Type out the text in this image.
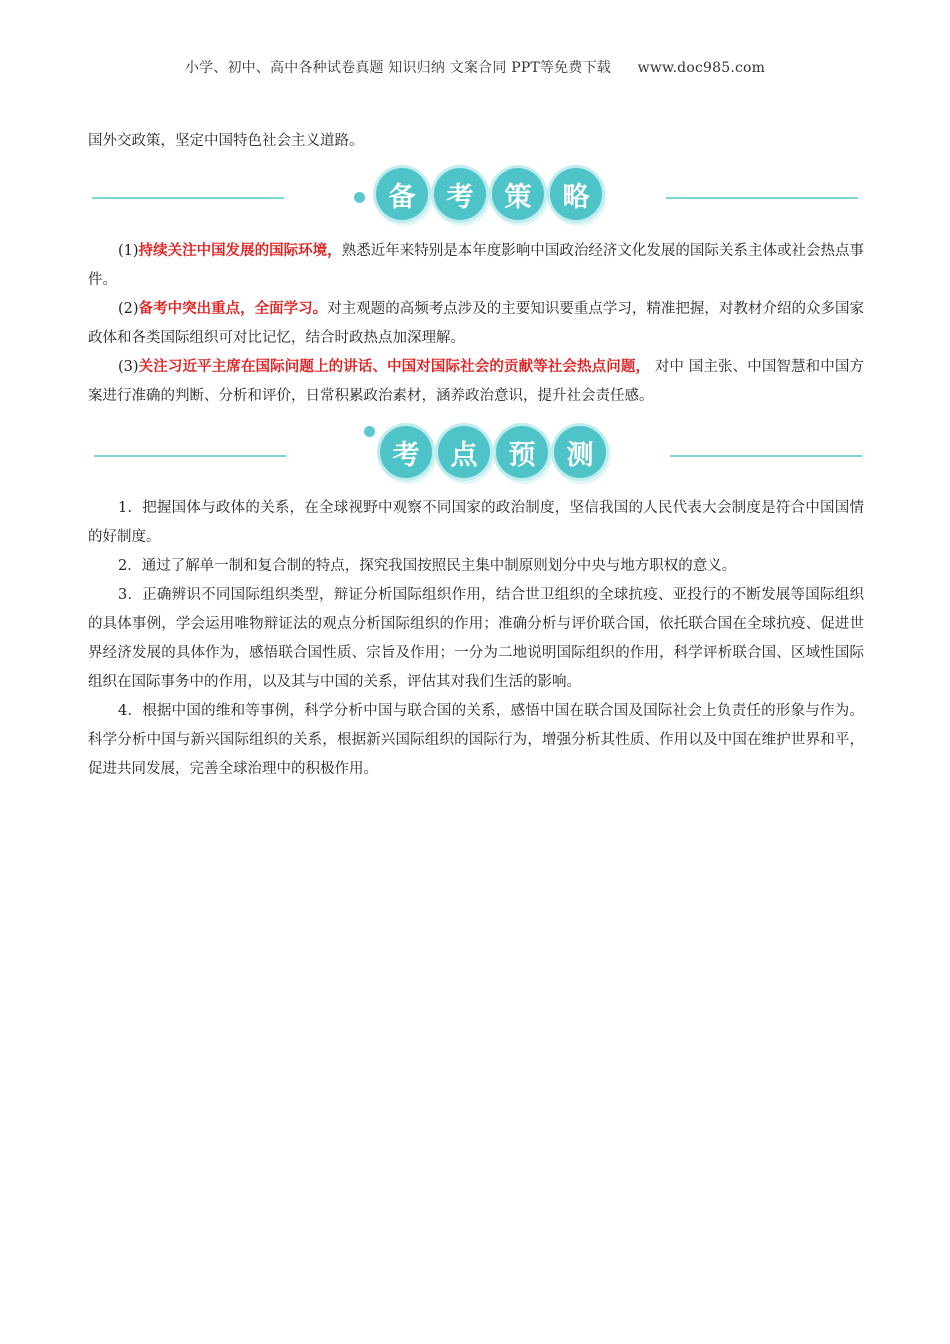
小学、初中、高中各种试卷真题 知识归纳 文案合同 PPT等免费下载 www.doc985.com

国外交政策，坚定中国特色社会主义道路。

备	考	策	略

(1)持续关注中国发展的国际环境，熟悉近年来特别是本年度影响中国政治经济文化发展的国际关系主体或社会热点事件。

(2)备考中突出重点，全面学习。对主观题的高频考点涉及的主要知识要重点学习，精准把握，对教材介绍的众多国家政体和各类国际组织可对比记忆，结合时政热点加深理解。

(3)关注习近平主席在国际问题上的讲话、中国对国际社会的贡献等社会热点问题， 对中 国主张、中国智慧和中国方案进行准确的判断、分析和评价，日常积累政治素材，涵养政治意识，提升社会责任感。

考	点	预	测

1．把握国体与政体的关系，在全球视野中观察不同国家的政治制度，坚信我国的人民代表大会制度是符合中国国情的好制度。

2．通过了解单一制和复合制的特点，探究我国按照民主集中制原则划分中央与地方职权的意义。

3．正确辨识不同国际组织类型，辩证分析国际组织作用，结合世卫组织的全球抗疫、亚投行的不断发展等国际组织的具体事例，学会运用唯物辩证法的观点分析国际组织的作用；准确分析与评价联合国，依托联合国在全球抗疫、促进世界经济发展的具体作为，感悟联合国性质、宗旨及作用；一分为二地说明国际组织的作用，科学评析联合国、区域性国际组织在国际事务中的作用，以及其与中国的关系，评估其对我们生活的影响。

4．根据中国的维和等事例，科学分析中国与联合国的关系，感悟中国在联合国及国际社会上负责任的形象与作为。科学分析中国与新兴国际组织的关系，根据新兴国际组织的国际行为，增强分析其性质、作用以及中国在维护世界和平，促进共同发展，完善全球治理中的积极作用。
